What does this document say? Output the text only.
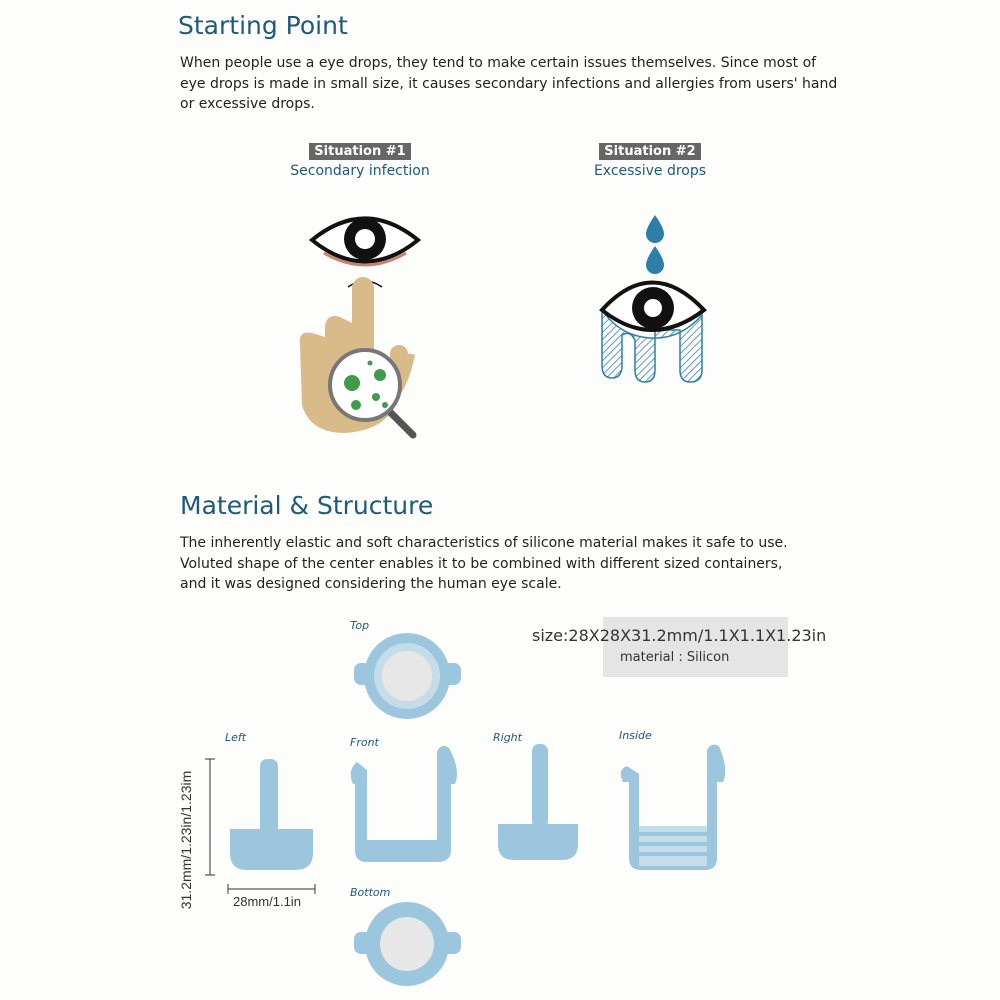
Starting Point
When people use a eye drops, they tend to make certain issues themselves. Since most of
eye drops is made in small size, it causes secondary infections and allergies from users' hand
or excessive drops.
Situation #1
Secondary infection
Situation #2
Excessive drops
Material & Structure
The inherently elastic and soft characteristics of silicone material makes it safe to use.
Voluted shape of the center enables it to be combined with different sized containers,
and it was designed considering the human eye scale.
size:28X28X31.2mm/1.1X1.1X1.23in
material : Silicon
Top
Left	Front	Right	Inside
Bottom
31.2mm/1.23in/1.23im	28mm/1.1in
